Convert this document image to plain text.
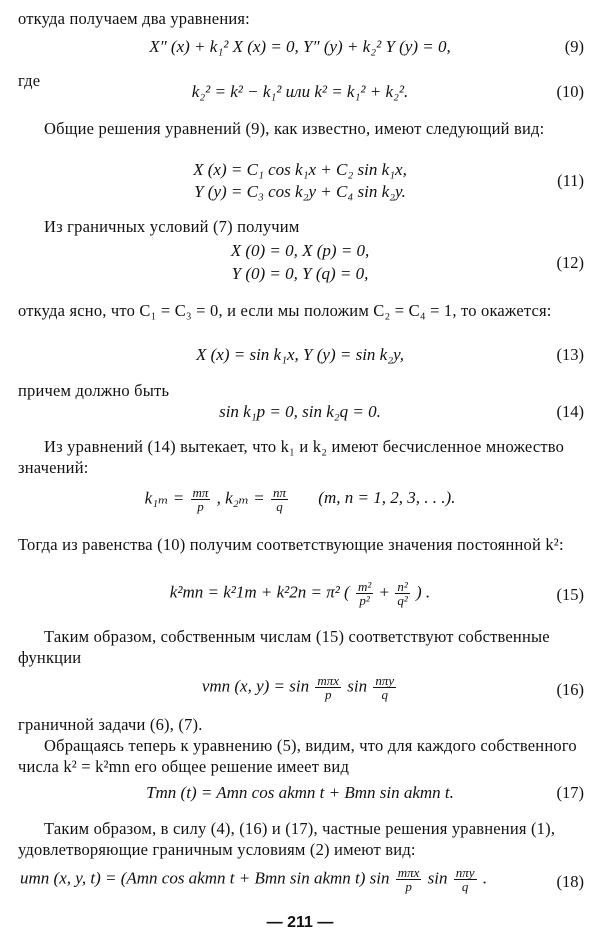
откуда получаем два уравнения:
X″ (x) + k₁² X (x) = 0, Y″ (y) + k₂² Y (y) = 0,	(9)
где
k₂² = k² − k₁² или k² = k₁² + k₂².	(10)
Общие решения уравнений (9), как известно, имеют следующий вид:
X (x) = C₁ cos k₁x + C₂ sin k₁x,
Y (y) = C₃ cos k₂y + C₄ sin k₂y.
(11)
Из граничных условий (7) получим
X (0) = 0, X (p) = 0,
Y (0) = 0, Y (q) = 0,
(12)
откуда ясно, что C₁ = C₃ = 0, и если мы положим C₂ = C₄ = 1, то окажется:
X (x) = sin k₁x, Y (y) = sin k₂y,	(13)
причем должно быть
sin k₁p = 0, sin k₂q = 0.	(14)
Из уравнений (14) вытекает, что k₁ и k₂ имеют бесчисленное множество значений:
$k_{1m} = \frac{m\pi}{p}$ , $k_{2m} = \frac{n\pi}{q} (m$, n = 1, 2, 3, . . .).
Тогда из равенства (10) получим соответствующие значения постоянной k²:
k²mn = k²1m + k²2n = π² ( $\frac{\text{m²}}{\text{p²}} + \frac{\text{n²}}{\text{q²}}$ ) .	(15)
Таким образом, собственным числам (15) соответствуют собственные функции
vmn (x, $y) = \sin \frac{\text{mπx}}{p}$ $\sin \frac{\text{nπy}}{q}$	(16)
граничной задачи (6), (7).
Обращаясь теперь к уравнению (5), видим, что для каждого собственного числа k² = k²mn его общее решение имеет вид
Tmn (t) = Amn cos akmn t + Bmn sin akmn t.	(17)
Таким образом, в силу (4), (16) и (17), частные решения уравнения (1), удовлетворяющие граничным условиям (2) имеют вид:
umn (x, y, t) = (Amn cos akmn t + Bmn sin akmn t) $\sin \frac{\text{mπx}}{p}$ $\sin \frac{\text{nπy}}{q}$ .	(18)
— 211 —
